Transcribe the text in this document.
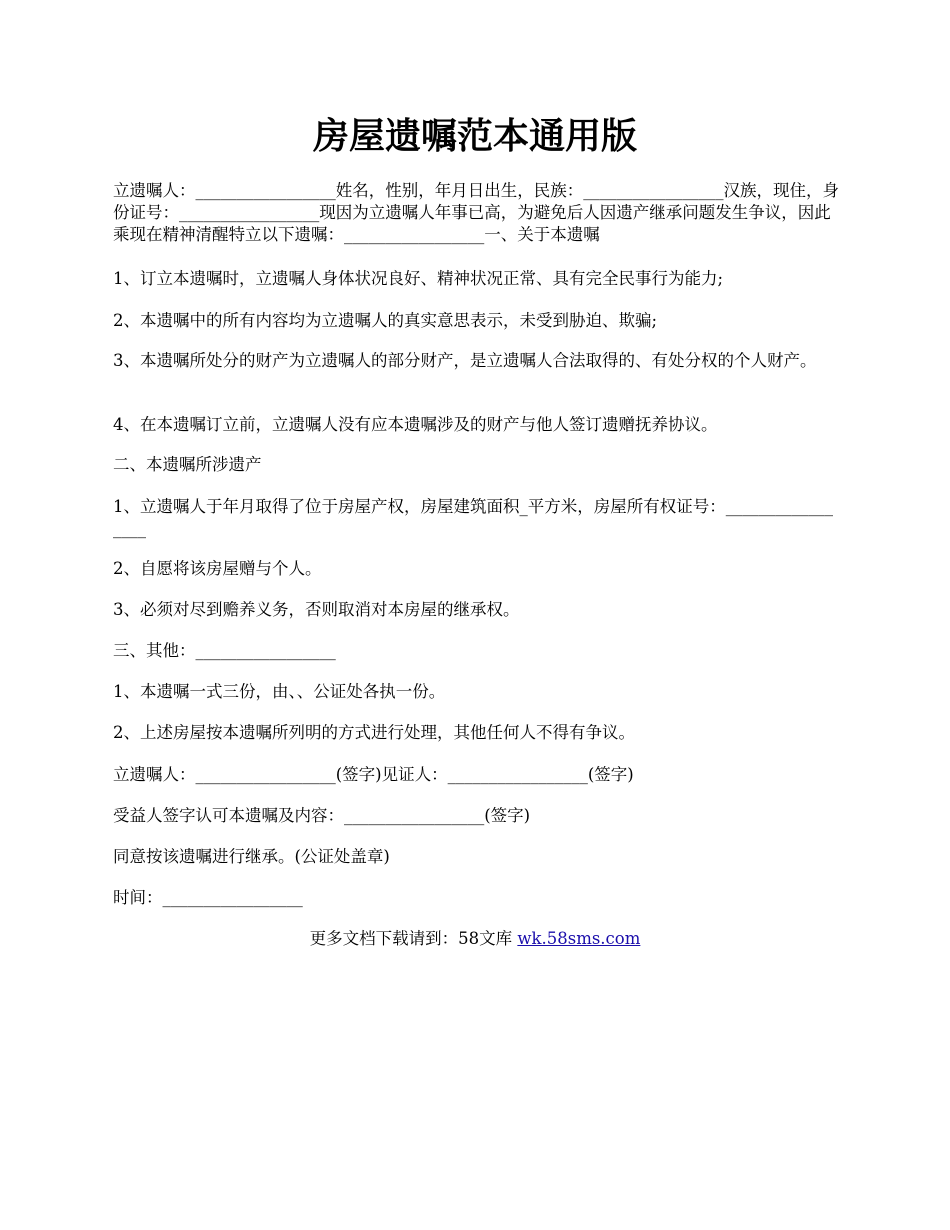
房屋遗嘱范本通用版

立遗嘱人：_________________姓名，性别，年月日出生，民族：_________________汉族，现住，身份证号：_________________现因为立遗嘱人年事已高，为避免后人因遗产继承问题发生争议，因此乘现在精神清醒特立以下遗嘱：_________________一、关于本遗嘱

1、订立本遗嘱时，立遗嘱人身体状况良好、精神状况正常、具有完全民事行为能力;

2、本遗嘱中的所有内容均为立遗嘱人的真实意思表示，未受到胁迫、欺骗;

3、本遗嘱所处分的财产为立遗嘱人的部分财产，是立遗嘱人合法取得的、有处分权的个人财产。

4、在本遗嘱订立前，立遗嘱人没有应本遗嘱涉及的财产与他人签订遗赠抚养协议。

二、本遗嘱所涉遗产

1、立遗嘱人于年月取得了位于房屋产权，房屋建筑面积_平方米，房屋所有权证号：_________________

2、自愿将该房屋赠与个人。

3、必须对尽到赡养义务，否则取消对本房屋的继承权。

三、其他：_________________

1、本遗嘱一式三份，由、、公证处各执一份。

2、上述房屋按本遗嘱所列明的方式进行处理，其他任何人不得有争议。

立遗嘱人：_________________(签字)见证人：_________________(签字)

受益人签字认可本遗嘱及内容：_________________(签字)

同意按该遗嘱进行继承。(公证处盖章)

时间：_________________

更多文档下载请到：58文库 wk.58sms.com
